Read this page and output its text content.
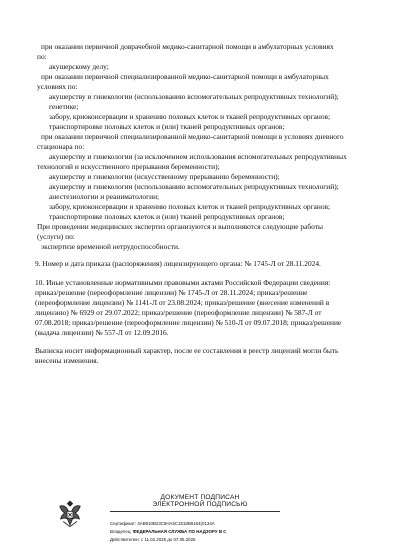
при оказании первичной доврачебной медико-санитарной помощи в амбулаторных условиях
по:
акушерскому делу;
при оказании первичной специализированной медико-санитарной помощи в амбулаторных
условиях по:
акушерству и гинекологии (использованию вспомогательных репродуктивных технологий);
генетике;
забору, криоконсервации и хранению половых клеток и тканей репродуктивных органов;
транспортировке половых клеток и (или) тканей репродуктивных органов;
при оказании первичной специализированной медико-санитарной помощи в условиях дневного
стационара по:
акушерству и гинекологии (за исключением использования вспомогательных репродуктивных
технологий и искусственного прерывания беременности);
акушерству и гинекологии (искусственному прерыванию беременности);
акушерству и гинекологии (использованию вспомогательных репродуктивных технологий);
анестезиологии и реаниматологии;
забору, криоконсервации и хранению половых клеток и тканей репродуктивных органов;
транспортировке половых клеток и (или) тканей репродуктивных органов;
При проведении медицинских экспертиз организуются и выполняются следующие работы
(услуги) по:
экспертизе временной нетрудоспособности.
9. Номер и дата приказа (распоряжения) лицензирующего органа: № 1745-Л от 28.11.2024.
10. Иные установленные нормативными правовыми актами Российской Федерации сведения:
приказ/решение (переоформление лицензии) № 1745-Л от 28.11.2024; приказ/решение
(переоформление лицензии) № 1141-Л от 23.08.2024; приказ/решение (внесение изменений в
лицензию) № 6929 от 29.07.2022; приказ/решение (переоформление лицензии) № 587-Л от
07.08.2018; приказ/решение (переоформление лицензии) № 510-Л от 09.07.2018; приказ/решение
(выдача лицензии) № 557-Л от 12.09.2016.
Выписка носит информационный характер, после ее составления в реестр лицензий могли быть
внесены изменения.
ДОКУМЕНТ ПОДПИСАН
ЭЛЕКТРОННОЙ ПОДПИСЬЮ
Сертификат: 4AB910B23C5HA5C1518B6164(0134A
Владелец: ФЕДЕРАЛЬНАЯ СЛУЖБА ПО НАДЗОРУ В С
Действителен: с 11.02.2025 до 07.05.2026
